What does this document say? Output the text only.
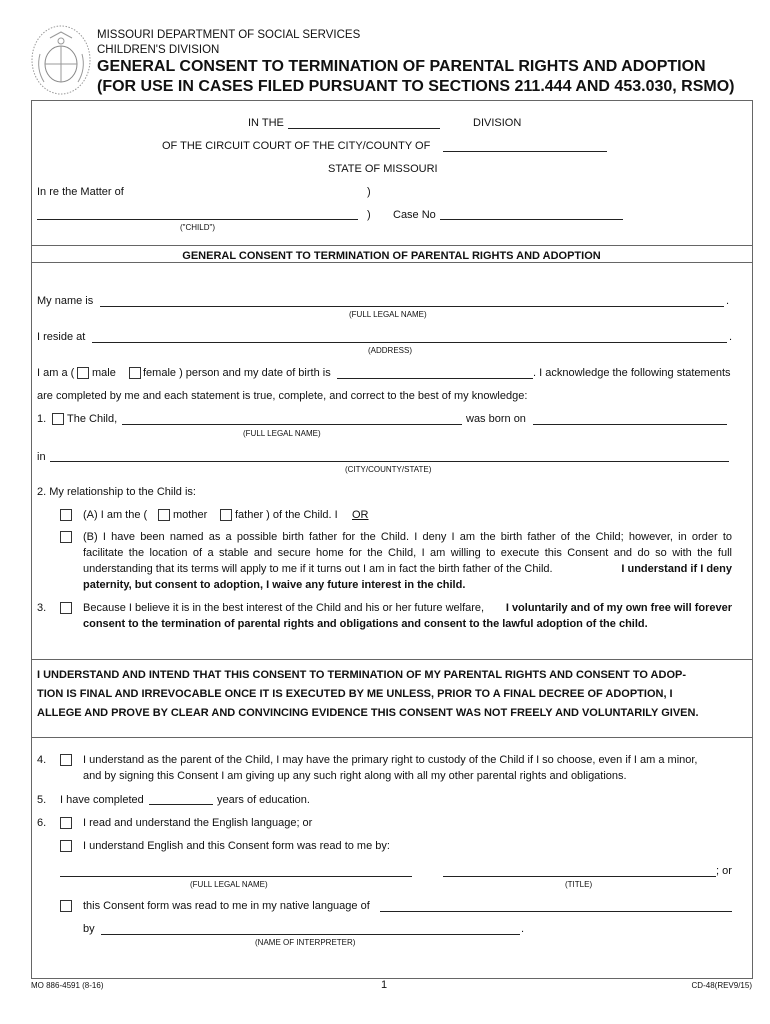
MISSOURI DEPARTMENT OF SOCIAL SERVICES
CHILDREN'S DIVISION
GENERAL CONSENT TO TERMINATION OF PARENTAL RIGHTS AND ADOPTION
(FOR USE IN CASES FILED PURSUANT TO SECTIONS 211.444 AND 453.030, RSMO)
IN THE	DIVISION
OF THE CIRCUIT COURT OF THE CITY/COUNTY OF
STATE OF MISSOURI
In re the Matter of	)
) Case No
("CHILD")
GENERAL CONSENT TO TERMINATION OF PARENTAL RIGHTS AND ADOPTION
My name is	.
(FULL LEGAL NAME)
I reside at	.
(ADDRESS)
I am a ( male female ) person and my date of birth is	. I acknowledge the following statements
are completed by me and each statement is true, complete, and correct to the best of my knowledge:
1. The Child,	was born on
(FULL LEGAL NAME)
in
(CITY/COUNTY/STATE)
2. My relationship to the Child is:
(A) I am the ( mother	father ) of the Child. I OR
(B) I have been named as a possible birth father for the Child. I deny I am the birth father of the Child; however, in order to
facilitate the location of a stable and secure home for the Child, I am willing to execute this Consent and do so with the full
understanding that its terms will apply to me if it turns out I am in fact the birth father of the Child.	I understand if I deny
paternity, but consent to adoption, I waive any future interest in the child.
3.	Because I believe it is in the best interest of the Child and his or her future welfare, I voluntarily and of my own free will forever
consent to the termination of parental rights and obligations and consent to the lawful adoption of the child.
I UNDERSTAND AND INTEND THAT THIS CONSENT TO TERMINATION OF MY PARENTAL RIGHTS AND CONSENT TO ADOP-
TION IS FINAL AND IRREVOCABLE ONCE IT IS EXECUTED BY ME UNLESS, PRIOR TO A FINAL DECREE OF ADOPTION, I
ALLEGE AND PROVE BY CLEAR AND CONVINCING EVIDENCE THIS CONSENT WAS NOT FREELY AND VOLUNTARILY GIVEN.
4.	I understand as the parent of the Child, I may have the primary right to custody of the Child if I so choose, even if I am a minor,
and by signing this Consent I am giving up any such right along with all my other parental rights and obligations.
5. I have completed	years of education.
6.	I read and understand the English language; or
I understand English and this Consent form was read to me by:
; or
(FULL LEGAL NAME)	(TITLE)
this Consent form was read to me in my native language of
by	.
(NAME OF INTERPRETER)
MO 886-4591 (8-16)	1	CD-48(REV9/15)
